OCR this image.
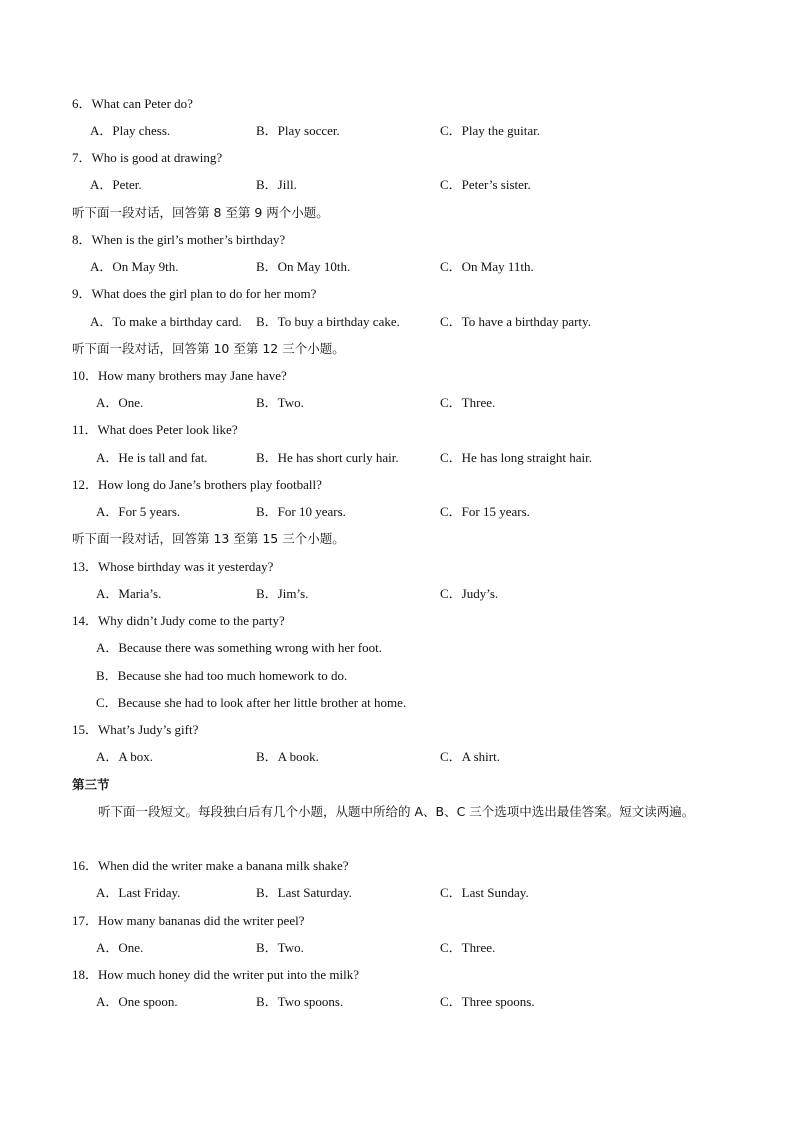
6．What can Peter do?
A．Play chess.	B．Play soccer.	C．Play the guitar.
7．Who is good at drawing?
A．Peter.	B．Jill.	C．Peter’s sister.
听下面一段对话，回答第 8 至第 9 两个小题。
8．When is the girl’s mother’s birthday?
A．On May 9th.	B．On May 10th.	C．On May 11th.
9．What does the girl plan to do for her mom?
A．To make a birthday card. B．To buy a birthday cake.	C．To have a birthday party.
听下面一段对话，回答第 10 至第 12 三个小题。
10．How many brothers may Jane have?
A．One.	B．Two.	C．Three.
11．What does Peter look like?
A．He is tall and fat.	B．He has short curly hair.	C．He has long straight hair.
12．How long do Jane’s brothers play football?
A．For 5 years.	B．For 10 years.	C．For 15 years.
听下面一段对话，回答第 13 至第 15 三个小题。
13．Whose birthday was it yesterday?
A．Maria’s.	B．Jim’s.	C．Judy’s.
14．Why didn’t Judy come to the party?
A．Because there was something wrong with her foot.
B．Because she had too much homework to do.
C．Because she had to look after her little brother at home.
15．What’s Judy’s gift?
A．A box.	B．A book.	C．A shirt.
第三节
听下面一段短文。每段独白后有几个小题，从题中所给的 A、B、C 三个选项中选出最佳答案。短文读两遍。
16．When did the writer make a banana milk shake?
A．Last Friday.	B．Last Saturday.	C．Last Sunday.
17．How many bananas did the writer peel?
A．One.	B．Two.	C．Three.
18．How much honey did the writer put into the milk?
A．One spoon.	B．Two spoons.	C．Three spoons.
